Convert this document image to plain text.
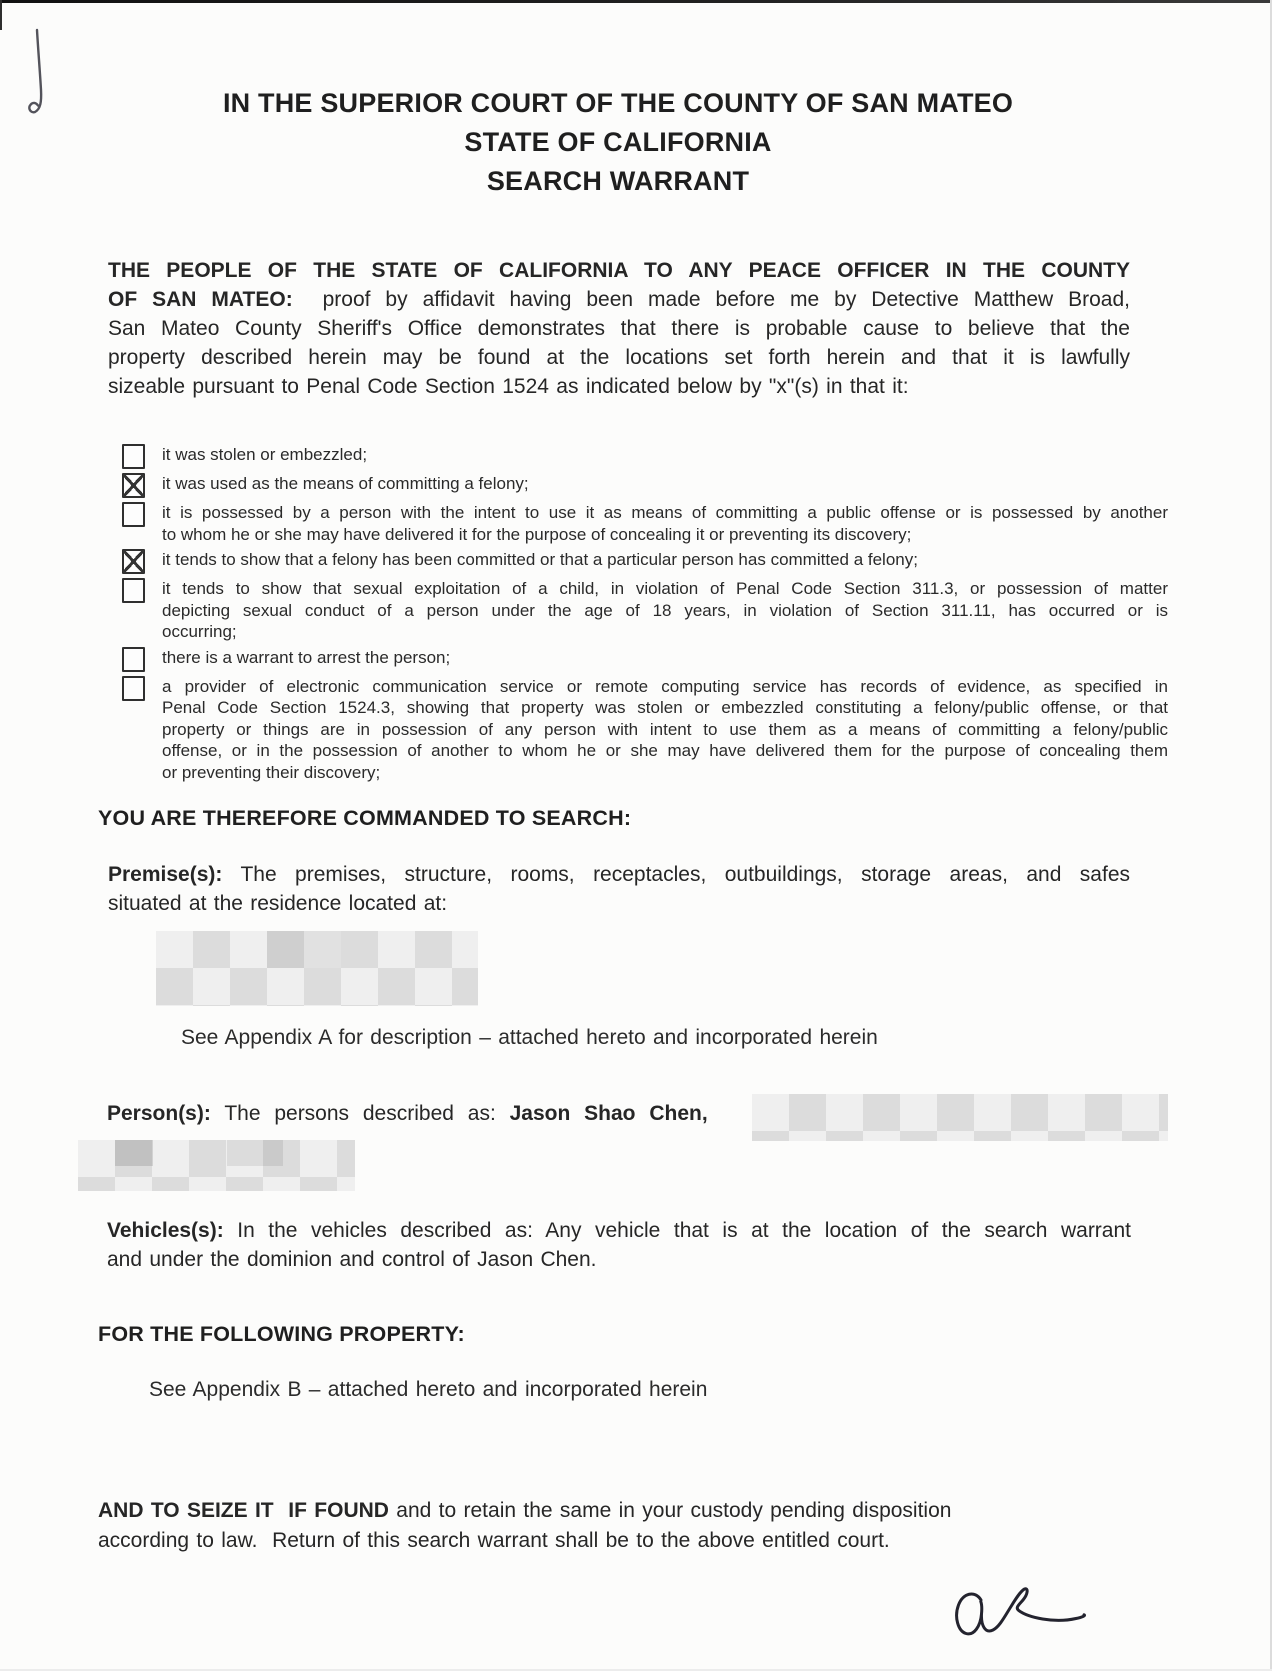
IN THE SUPERIOR COURT OF THE COUNTY OF SAN MATEO
STATE OF CALIFORNIA
SEARCH WARRANT
THE PEOPLE OF THE STATE OF CALIFORNIA TO ANY PEACE OFFICER IN THE COUNTY
OF SAN MATEO:  proof by affidavit having been made before me by Detective Matthew Broad,
San Mateo County Sheriff's Office demonstrates that there is probable cause to believe that the
property described herein may be found at the locations set forth herein and that it is lawfully
sizeable pursuant to Penal Code Section 1524 as indicated below by "x"(s) in that it:
it was stolen or embezzled;
it was used as the means of committing a felony;
it is possessed by a person with the intent to use it as means of committing a public offense or is possessed by another
to whom he or she may have delivered it for the purpose of concealing it or preventing its discovery;
it tends to show that a felony has been committed or that a particular person has committed a felony;
it tends to show that sexual exploitation of a child, in violation of Penal Code Section 311.3, or possession of matter
depicting sexual conduct of a person under the age of 18 years, in violation of Section 311.11, has occurred or is
occurring;
there is a warrant to arrest the person;
a provider of electronic communication service or remote computing service has records of evidence, as specified in
Penal Code Section 1524.3, showing that property was stolen or embezzled constituting a felony/public offense, or that
property or things are in possession of any person with intent to use them as a means of committing a felony/public
offense, or in the possession of another to whom he or she may have delivered them for the purpose of concealing them
or preventing their discovery;
YOU ARE THEREFORE COMMANDED TO SEARCH:
Premise(s): The premises, structure, rooms, receptacles, outbuildings, storage areas, and safes
situated at the residence located at:
See Appendix A for description – attached hereto and incorporated herein
Person(s): The persons described as: Jason Shao Chen,
Vehicles(s): In the vehicles described as: Any vehicle that is at the location of the search warrant
and under the dominion and control of Jason Chen.
FOR THE FOLLOWING PROPERTY:
See Appendix B – attached hereto and incorporated herein
AND TO SEIZE IT  IF FOUND and to retain the same in your custody pending disposition
according to law.  Return of this search warrant shall be to the above entitled court.
